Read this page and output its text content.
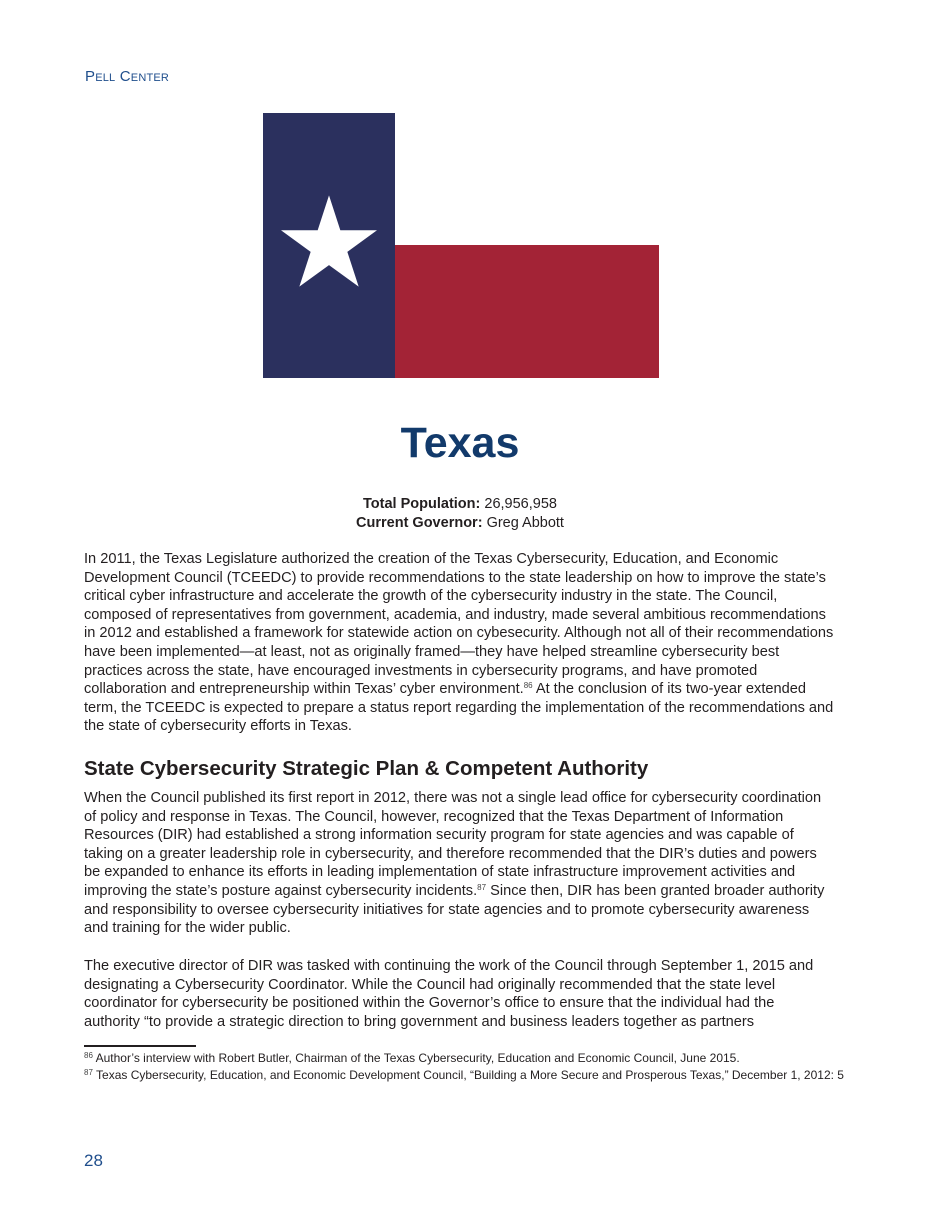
Pell Center
Texas
Total Population: 26,956,958
Current Governor: Greg Abbott

In 2011, the Texas Legislature authorized the creation of the Texas Cybersecurity, Education, and Economic Development Council (TCEEDC) to provide recommendations to the state leadership on how to improve the state’s critical cyber infrastructure and accelerate the growth of the cybersecurity industry in the state. The Council, composed of representatives from government, academia, and industry, made several ambitious recommendations in 2012 and established a framework for statewide action on cybesecurity. Although not all of their recommendations have been implemented—at least, not as originally framed—they have helped streamline cybersecurity best practices across the state, have encouraged investments in cybersecurity programs, and have promoted collaboration and entrepreneurship within Texas’ cyber environment.$^{86}$ At the conclusion of its two-year extended term, the TCEEDC is expected to prepare a status report regarding the implementation of the recommendations and the state of cybersecurity efforts in Texas.

State Cybersecurity Strategic Plan & Competent Authority

When the Council published its first report in 2012, there was not a single lead office for cybersecurity coordination of policy and response in Texas. The Council, however, recognized that the Texas Department of Information Resources (DIR) had established a strong information security program for state agencies and was capable of taking on a greater leadership role in cybersecurity, and therefore recommended that the DIR’s duties and powers be expanded to enhance its efforts in leading implementation of state infrastructure improvement activities and improving the state’s posture against cybersecurity incidents.$^{87}$ Since then, DIR has been granted broader authority and responsibility to oversee cybersecurity initiatives for state agencies and to promote cybersecurity awareness and training for the wider public.

The executive director of DIR was tasked with continuing the work of the Council through September 1, 2015 and designating a Cybersecurity Coordinator. While the Council had originally recommended that the state level coordinator for cybersecurity be positioned within the Governor’s office to ensure that the individual had the authority “to provide a strategic direction to bring government and business leaders together as partners

$^{86}$ Author’s interview with Robert Butler, Chairman of the Texas Cybersecurity, Education and Economic Council, June 2015.

$^{87}$ Texas Cybersecurity, Education, and Economic Development Council, “Building a More Secure and Prosperous Texas,” December 1, 2012: 5

28
